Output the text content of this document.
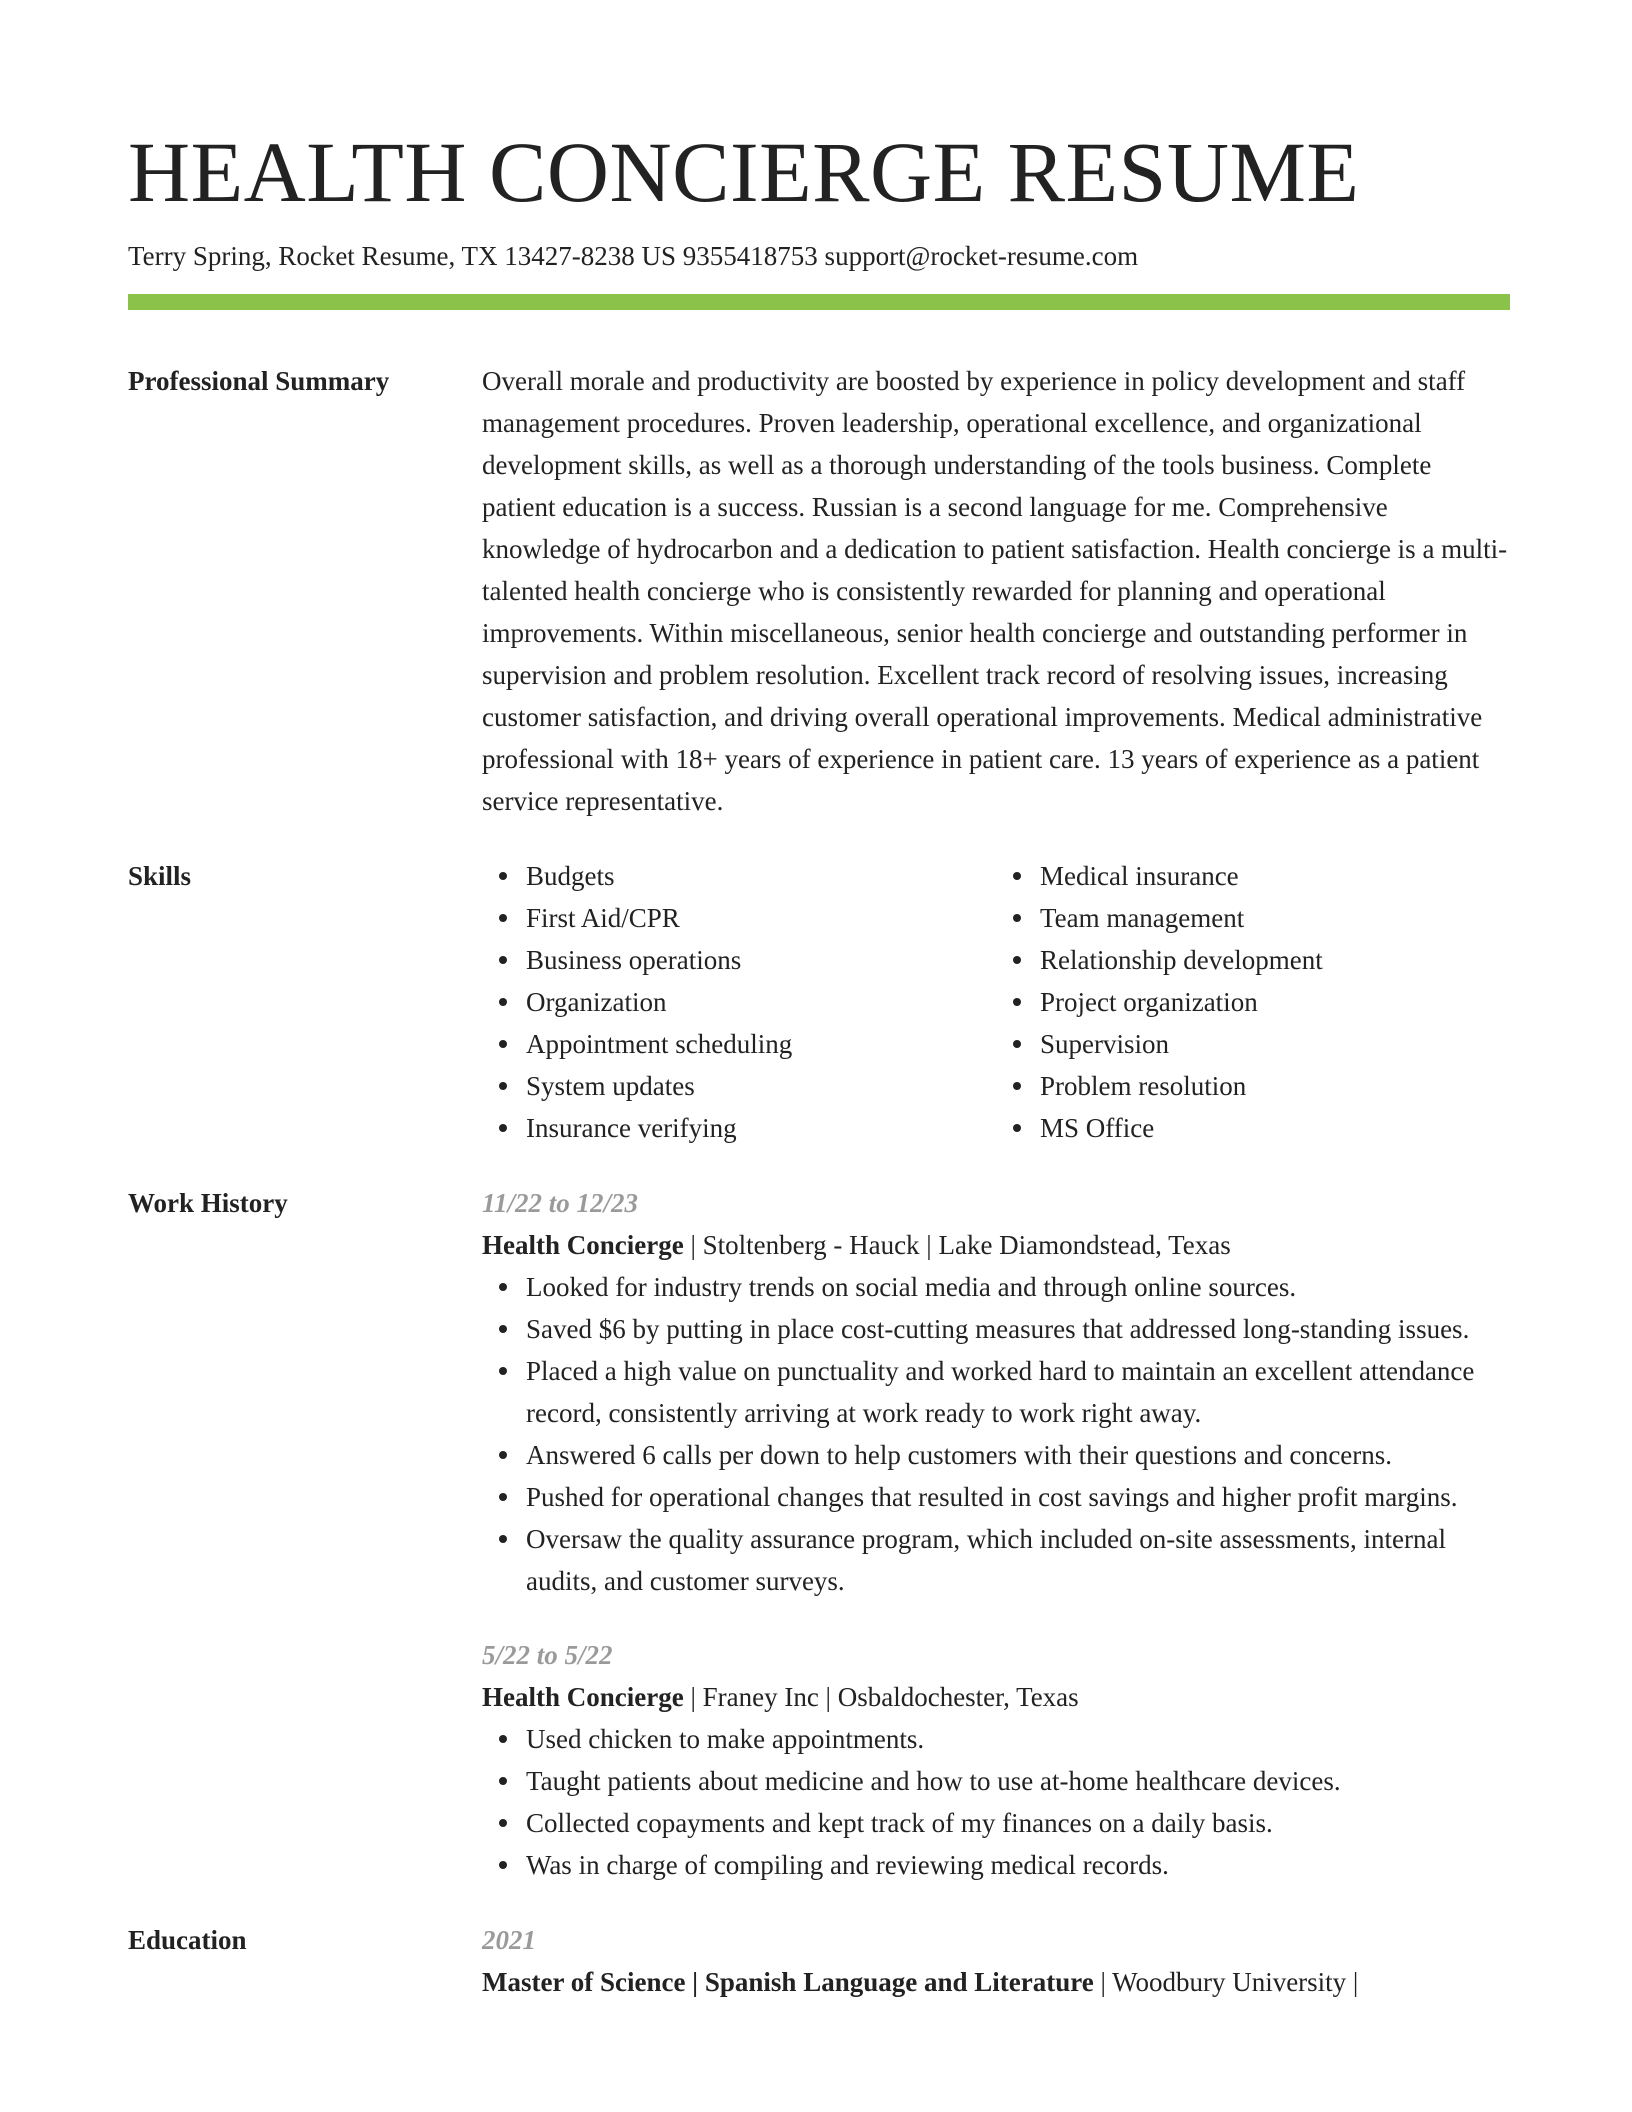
HEALTH CONCIERGE RESUME
Terry Spring, Rocket Resume, TX 13427-8238 US 9355418753 support@rocket-resume.com
Professional Summary	Overall morale and productivity are boosted by experience in policy development and staff management procedures. Proven leadership, operational excellence, and organizational development skills, as well as a thorough understanding of the tools business. Complete patient education is a success. Russian is a second language for me. Comprehensive knowledge of hydrocarbon and a dedication to patient satisfaction. Health concierge is a multi-talented health concierge who is consistently rewarded for planning and operational improvements. Within miscellaneous, senior health concierge and outstanding performer in supervision and problem resolution. Excellent track record of resolving issues, increasing customer satisfaction, and driving overall operational improvements. Medical administrative professional with 18+ years of experience in patient care. 13 years of experience as a patient service representative.
Skills	Budgets
First Aid/CPR
Business operations
Organization
Appointment scheduling
System updates
Insurance verifying
Medical insurance
Team management
Relationship development
Project organization
Supervision
Problem resolution
MS Office
Work History	11/22 to 12/23
Health Concierge | Stoltenberg - Hauck | Lake Diamondstead, Texas
Looked for industry trends on social media and through online sources.
Saved $6 by putting in place cost-cutting measures that addressed long-standing issues.
Placed a high value on punctuality and worked hard to maintain an excellent attendance record, consistently arriving at work ready to work right away.
Answered 6 calls per down to help customers with their questions and concerns.
Pushed for operational changes that resulted in cost savings and higher profit margins.
Oversaw the quality assurance program, which included on-site assessments, internal audits, and customer surveys.
5/22 to 5/22
Health Concierge | Franey Inc | Osbaldochester, Texas
Used chicken to make appointments.
Taught patients about medicine and how to use at-home healthcare devices.
Collected copayments and kept track of my finances on a daily basis.
Was in charge of compiling and reviewing medical records.
Education	2021
Master of Science | Spanish Language and Literature | Woodbury University |
